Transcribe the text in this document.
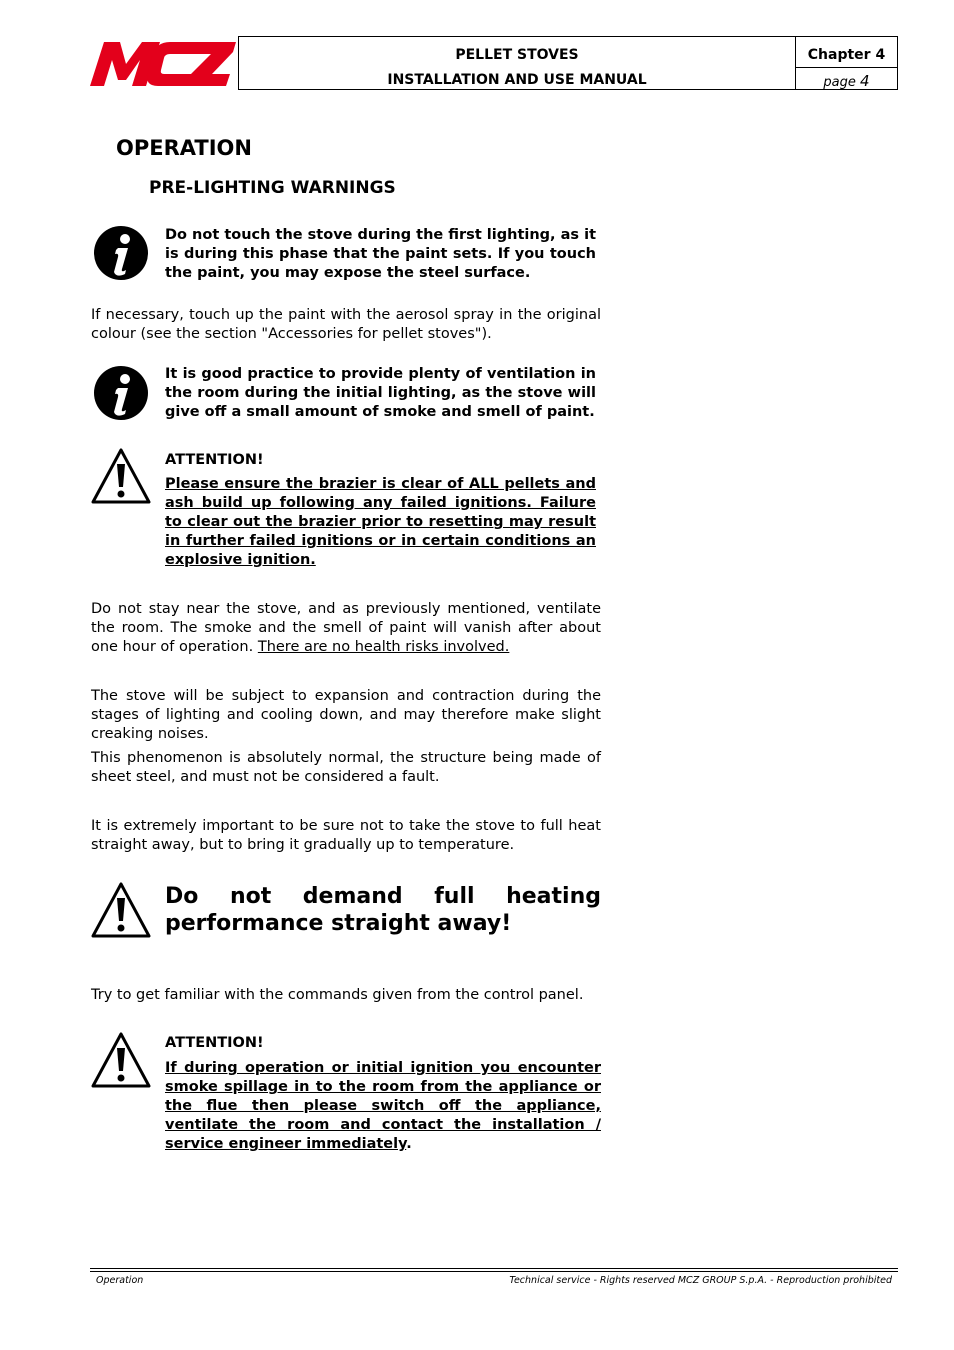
PELLET STOVES
INSTALLATION AND USE MANUAL
Chapter 4
page 4
OPERATION
PRE-LIGHTING WARNINGS
Do not touch the stove during the first lighting, as it is during this phase that the paint sets. If you touch the paint, you may expose the steel surface.
If necessary, touch up the paint with the aerosol spray in the original colour (see the section "Accessories for pellet stoves").
It is good practice to provide plenty of ventilation in the room during the initial lighting, as the stove will give off a small amount of smoke and smell of paint.
ATTENTION!
Please ensure the brazier is clear of ALL pellets and ash build up following any failed ignitions. Failure to clear out the brazier prior to resetting may result in further failed ignitions or in certain conditions an explosive ignition.
Do not stay near the stove, and as previously mentioned, ventilate the room. The smoke and the smell of paint will vanish after about one hour of operation. There are no health risks involved.
The stove will be subject to expansion and contraction during the stages of lighting and cooling down, and may therefore make slight creaking noises.
This phenomenon is absolutely normal, the structure being made of sheet steel, and must not be considered a fault.
It is extremely important to be sure not to take the stove to full heat straight away, but to bring it gradually up to temperature.
Do not demand full heating performance straight away!
Try to get familiar with the commands given from the control panel.
ATTENTION!
If during operation or initial ignition you encounter smoke spillage in to the room from the appliance or the flue then please switch off the appliance, ventilate the room and contact the installation / service engineer immediately.
Operation	Technical service - Rights reserved MCZ GROUP S.p.A. - Reproduction prohibited
